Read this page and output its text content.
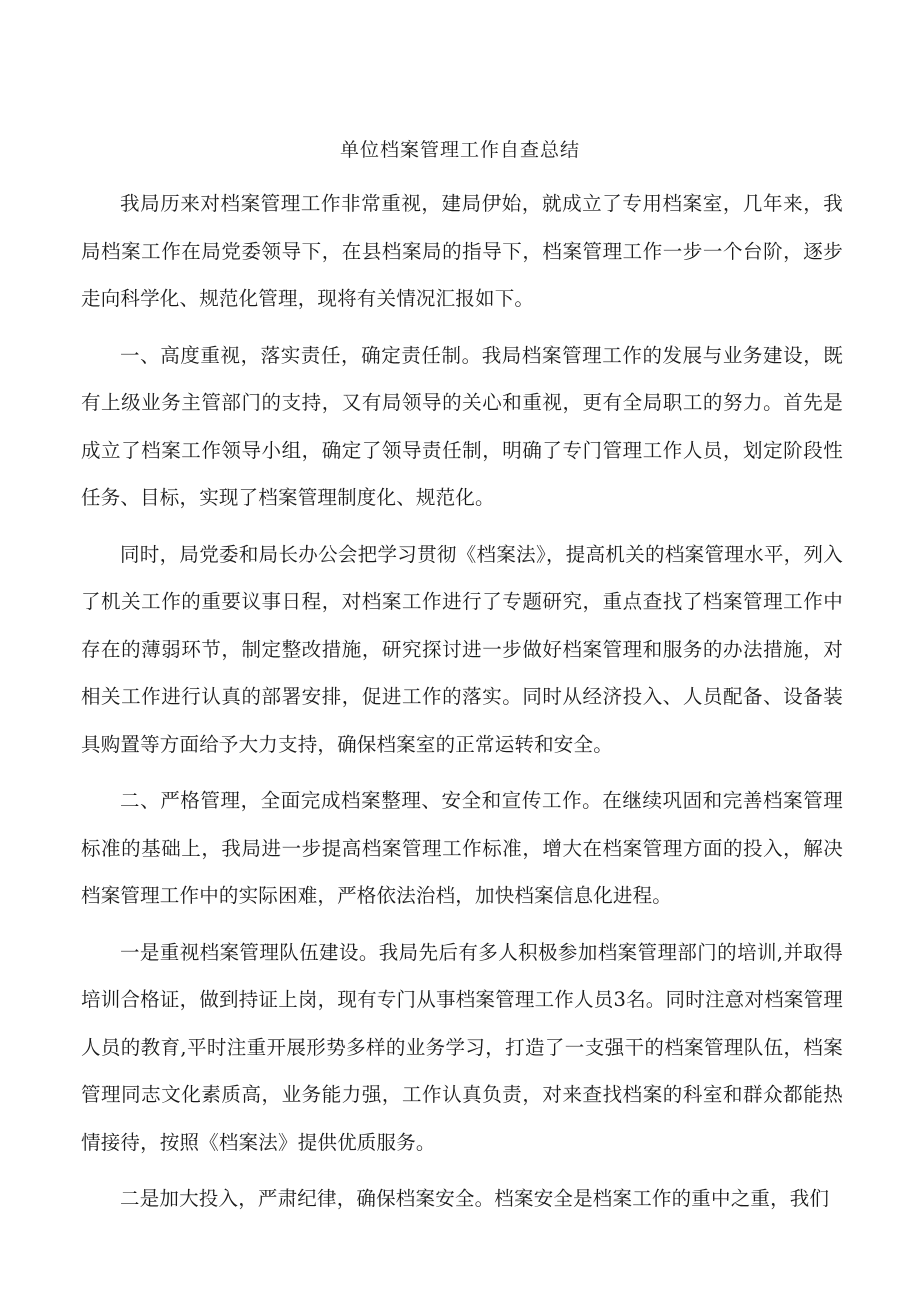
单位档案管理工作自查总结

我局历来对档案管理工作非常重视，建局伊始，就成立了专用档案室，几年来，我局档案工作在局党委领导下，在县档案局的指导下，档案管理工作一步一个台阶，逐步走向科学化、规范化管理，现将有关情况汇报如下。

一、高度重视，落实责任，确定责任制。我局档案管理工作的发展与业务建设，既有上级业务主管部门的支持，又有局领导的关心和重视，更有全局职工的努力。首先是成立了档案工作领导小组，确定了领导责任制，明确了专门管理工作人员，划定阶段性任务、目标，实现了档案管理制度化、规范化。

同时，局党委和局长办公会把学习贯彻《档案法》，提高机关的档案管理水平，列入了机关工作的重要议事日程，对档案工作进行了专题研究，重点查找了档案管理工作中存在的薄弱环节，制定整改措施，研究探讨进一步做好档案管理和服务的办法措施，对相关工作进行认真的部署安排，促进工作的落实。同时从经济投入、人员配备、设备装具购置等方面给予大力支持，确保档案室的正常运转和安全。

二、严格管理，全面完成档案整理、安全和宣传工作。在继续巩固和完善档案管理标准的基础上，我局进一步提高档案管理工作标准，增大在档案管理方面的投入，解决档案管理工作中的实际困难，严格依法治档，加快档案信息化进程。

一是重视档案管理队伍建设。我局先后有多人积极参加档案管理部门的培训,并取得培训合格证，做到持证上岗，现有专门从事档案管理工作人员3名。同时注意对档案管理人员的教育,平时注重开展形势多样的业务学习，打造了一支强干的档案管理队伍，档案管理同志文化素质高，业务能力强，工作认真负责，对来查找档案的科室和群众都能热情接待，按照《档案法》提供优质服务。

二是加大投入，严肃纪律，确保档案安全。档案安全是档案工作的重中之重，我们
